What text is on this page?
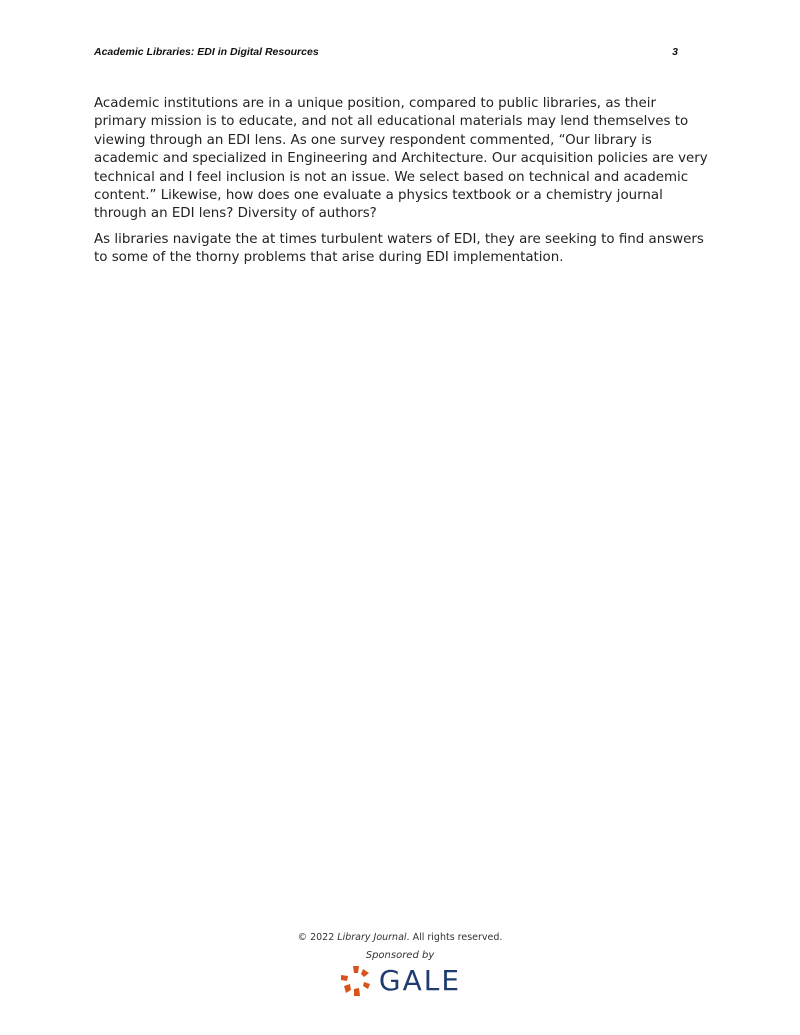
Academic Libraries: EDI in Digital Resources	3

Academic institutions are in a unique position, compared to public libraries, as their primary mission is to educate, and not all educational materials may lend themselves to viewing through an EDI lens. As one survey respondent commented, “Our library is academic and specialized in Engineering and Architecture. Our acquisition policies are very technical and I feel inclusion is not an issue. We select based on technical and academic content.” Likewise, how does one evaluate a physics textbook or a chemistry journal through an EDI lens? Diversity of authors?

As libraries navigate the at times turbulent waters of EDI, they are seeking to find answers to some of the thorny problems that arise during EDI implementation.

© 2022 Library Journal. All rights reserved.
Sponsored by
GALE
